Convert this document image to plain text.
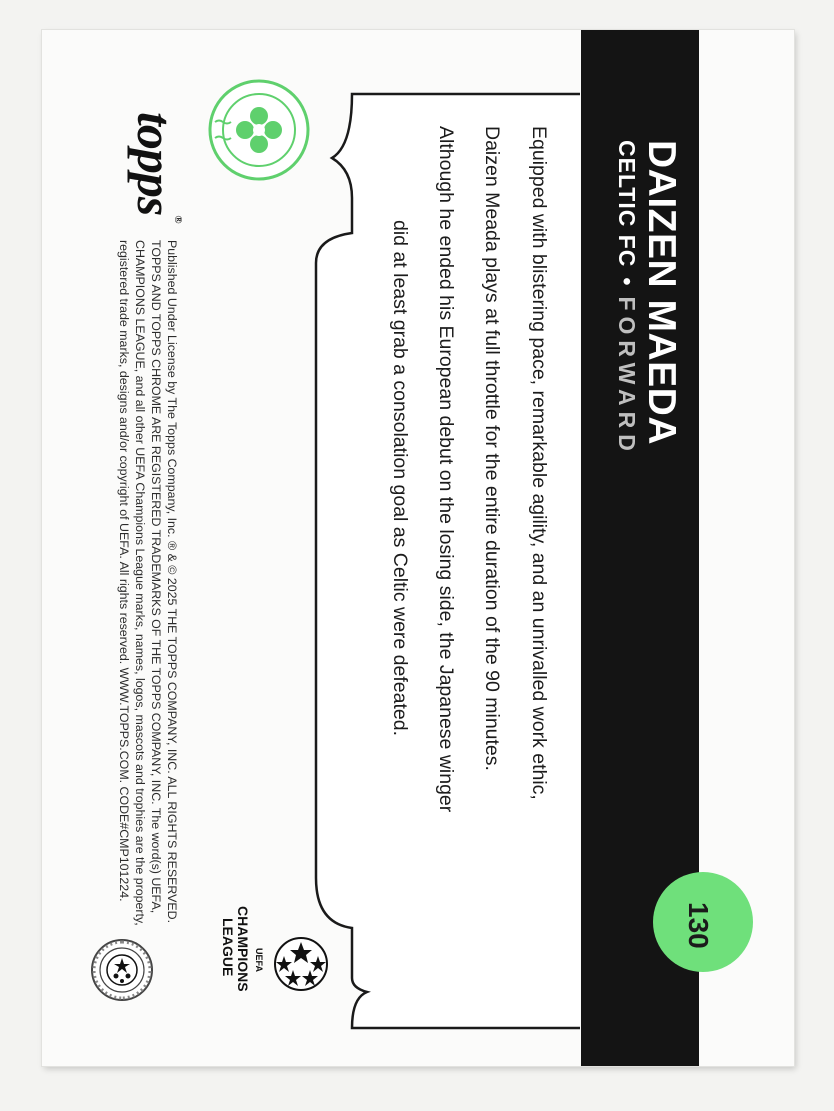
DAIZEN MAEDA
CELTIC FC•FORWARD
130
Equipped with blistering pace, remarkable agility, and an unrivalled work ethic,
Daizen Meada plays at full throttle for the entire duration of the 90 minutes.
Although he ended his European debut on the losing side, the Japanese winger
did at least grab a consolation goal as Celtic were defeated.
topps®
Published Under License by The Topps Company, Inc. ® & © 2025 THE TOPPS COMPANY, INC. ALL RIGHTS RESERVED.
TOPPS AND TOPPS CHROME ARE REGISTERED TRADEMARKS OF THE TOPPS COMPANY, INC. The word(s) UEFA,
CHAMPIONS LEAGUE, and all other UEFA Champions League marks, names, logos, mascots and trophies are the property,
registered trade marks, designs and/or copyright of UEFA. All rights reserved. WWW.TOPPS.COM. CODE#CMP101224.
UEFA
CHAMPIONS
LEAGUE
